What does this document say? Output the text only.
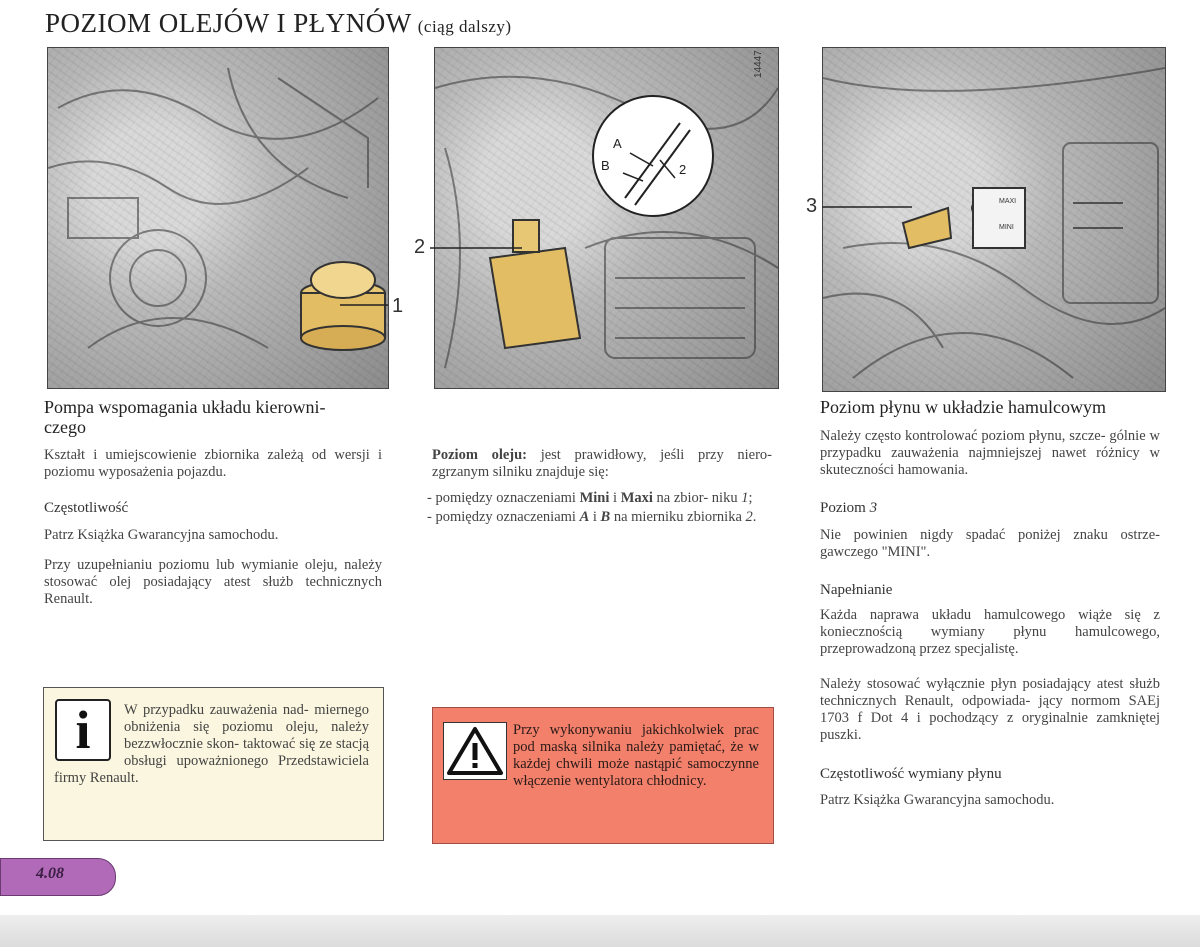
POZIOM OLEJÓW I PŁYNÓW (ciąg dalszy)
1
A
B	2
14447
2
MAXI
MINI
3
Pompa wspomagania układu kierowni-
czego
Kształt i umiejscowienie zbiornika zależą od wersji i poziomu wyposażenia pojazdu.
Częstotliwość
Patrz Książka Gwarancyjna samochodu.
Przy uzupełnianiu poziomu lub wymianie oleju, należy stosować olej posiadający atest służb technicznych Renault.
Poziom oleju: jest prawidłowy, jeśli przy niero- zgrzanym silniku znajduje się:
- pomiędzy oznaczeniami Mini i Maxi na zbior- niku 1;
- pomiędzy oznaczeniami A i B na mierniku zbiornika 2.
Poziom płynu w układzie hamulcowym
Należy często kontrolować poziom płynu, szcze- gólnie w przypadku zauważenia najmniejszej nawet różnicy w skuteczności hamowania.
Poziom 3
Nie powinien nigdy spadać poniżej znaku ostrze- gawczego "MINI".
Napełnianie
Każda naprawa układu hamulcowego wiąże się z koniecznością wymiany płynu hamulcowego, przeprowadzoną przez specjalistę.
Należy stosować wyłącznie płyn posiadający atest służb technicznych Renault, odpowiada- jący normom SAEj 1703 f Dot 4 i pochodzący z oryginalnie zamkniętej puszki.
Częstotliwość wymiany płynu
Patrz Książka Gwarancyjna samochodu.
i	W przypadku zauważenia nad- miernego obniżenia się poziomu oleju, należy bezzwłocznie skon- taktować się ze stacją obsługi upoważnionego Przedstawiciela firmy Renault.
Przy wykonywaniu jakichkolwiek prac pod maską silnika należy pamiętać, że w każdej chwili może nastąpić samoczynne włączenie wentylatora chłodnicy.
4.08
